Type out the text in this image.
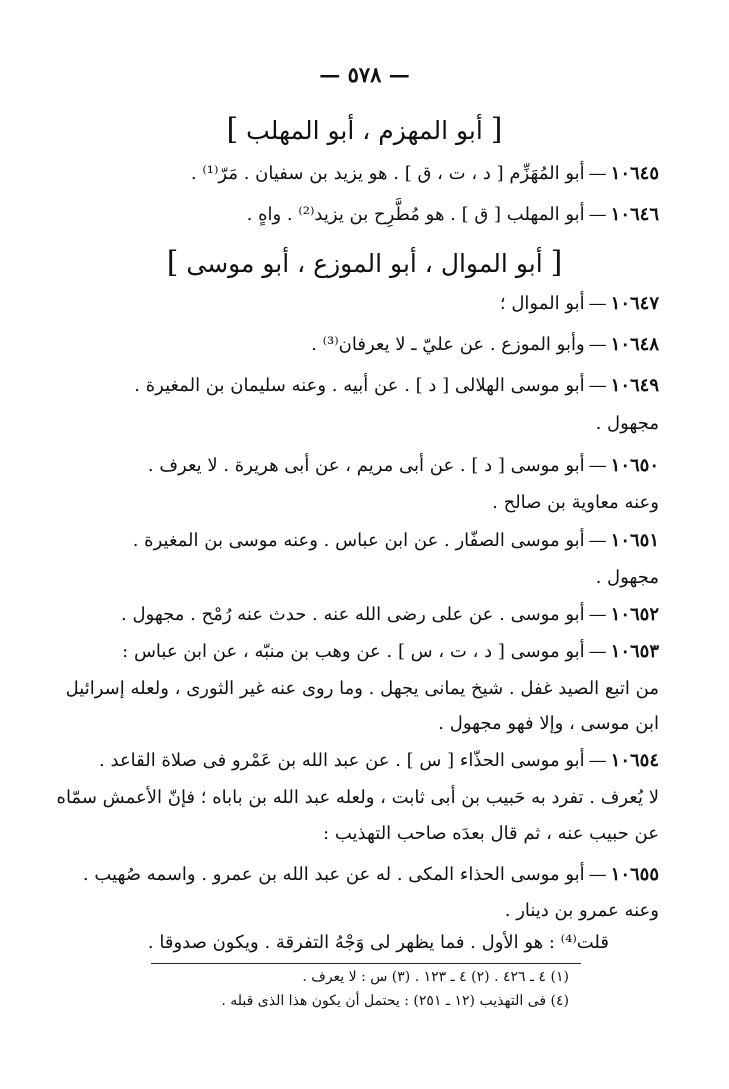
— ٥٧٨ —
[ أبو المهزم ، أبو المهلب ]
١٠٦٤٥—أبو المُهَزِّم [ د ، ت ، ق ] . هو يزيد بن سفيان . مَرّ⁽¹⁾ .
١٠٦٤٦—أبو المهلب [ ق ] . هو مُطَّرِح بن يزيد⁽²⁾ . واهٍ .
[ أبو الموال ، أبو الموزع ، أبو موسى ]
١٠٦٤٧—أبو الموال ؛
١٠٦٤٨—وأبو الموزع . عن عليّ ـ لا يعرفان⁽³⁾ .
١٠٦٤٩—أبو موسى الهلالى [ د ] . عن أبيه . وعنه سليمان بن المغيرة .
مجهول .
١٠٦٥٠—أبو موسى [ د ] . عن أبى مريم ، عن أبى هريرة . لا يعرف .
وعنه معاوية بن صالح .
١٠٦٥١—أبو موسى الصفّار . عن ابن عباس . وعنه موسى بن المغيرة .
مجهول .
١٠٦٥٢—أبو موسى . عن على رضى الله عنه . حدث عنه رُمْح . مجهول .
١٠٦٥٣—أبو موسى [ د ، ت ، س ] . عن وهب بن منبّه ، عن ابن عباس :
من اتبع الصيد غفل . شيخ يمانى يجهل . وما روى عنه غير الثورى ، ولعله إسرائيل
ابن موسى ، وإلا فهو مجهول .
١٠٦٥٤—أبو موسى الحذّاء [ س ] . عن عبد الله بن عَمْرو فى صلاة القاعد .
لا يُعرف . تفرد به حَبيب بن أبى ثابت ، ولعله عبد الله بن باباه ؛ فإنّ الأعمش سمّاه
عن حبيب عنه ، ثم قال بعدَه صاحب التهذيب :
١٠٦٥٥—أبو موسى الحذاء المكى . له عن عبد الله بن عمرو . واسمه صُهيب .
وعنه عمرو بن دينار .
قلت⁽⁴⁾ : هو الأول . فما يظهر لى وَجْهُ التفرقة . ويكون صدوقا .
(١) ٤ ـ ٤٢٦ . (٢) ٤ ـ ١٢٣ . (٣) س : لا يعرف .
(٤) فى التهذيب (١٢ ـ ٢٥١) : يحتمل أن يكون هذا الذى قبله .
